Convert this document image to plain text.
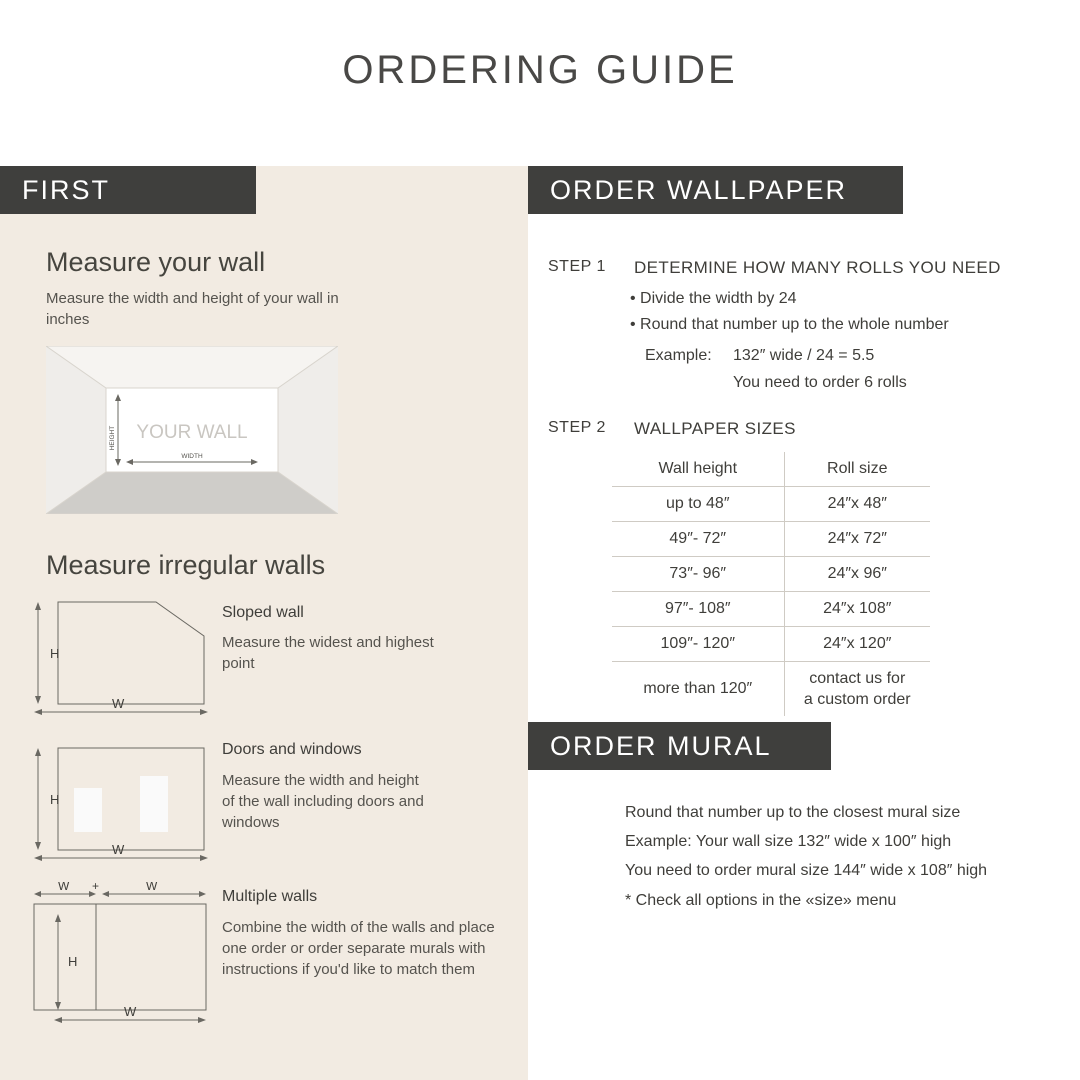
ORDERING GUIDE
FIRST
Measure your wall
Measure the width and height of your wall in inches
YOUR WALL
HEIGHT
WIDTH
Measure irregular walls
H
W
Sloped wall
Measure the widest and highest point
H
W
Doors and windows
Measure the width and height of the wall including doors and windows
W +	W
H
W
Multiple walls
Combine the width of the walls and place one order or order separate murals with instructions if you'd like to match them
ORDER WALLPAPER
STEP 1 DETERMINE HOW MANY ROLLS YOU NEED
• Divide the width by 24
• Round that number up to the whole number
Example: 132″ wide / 24 = 5.5
You need to order 6 rolls
STEP 2 WALLPAPER SIZES
Wall height	Roll size
up to 48″	24″x 48″
49″- 72″	24″x 72″
73″- 96″	24″x 96″
97″- 108″	24″x 108″
109″- 120″	24″x 120″
more than 120″	contact us for
a custom order
ORDER MURAL
Round that number up to the closest mural size
Example: Your wall size 132″ wide x 100″ high
You need to order mural size 144″ wide x 108″ high
* Check all options in the «size» menu
